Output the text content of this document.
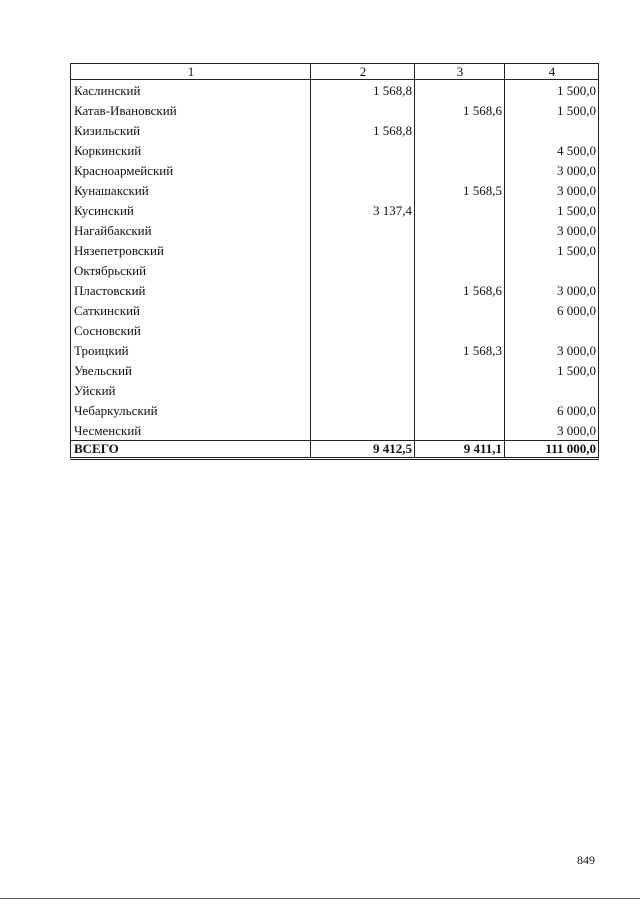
1	2	3	4
Каслинский	1 568,8		1 500,0
Катав-Ивановский		1 568,6	1 500,0
Кизильский	1 568,8		
Коркинский			4 500,0
Красноармейский			3 000,0
Кунашакский		1 568,5	3 000,0
Кусинский	3 137,4		1 500,0
Нагайбакский			3 000,0
Нязепетровский			1 500,0
Октябрьский			
Пластовский		1 568,6	3 000,0
Саткинский			6 000,0
Сосновский			
Троицкий		1 568,3	3 000,0
Увельский			1 500,0
Уйский			
Чебаркульский			6 000,0
Чесменский			3 000,0
ВСЕГО	9 412,5	9 411,1	111 000,0
849
